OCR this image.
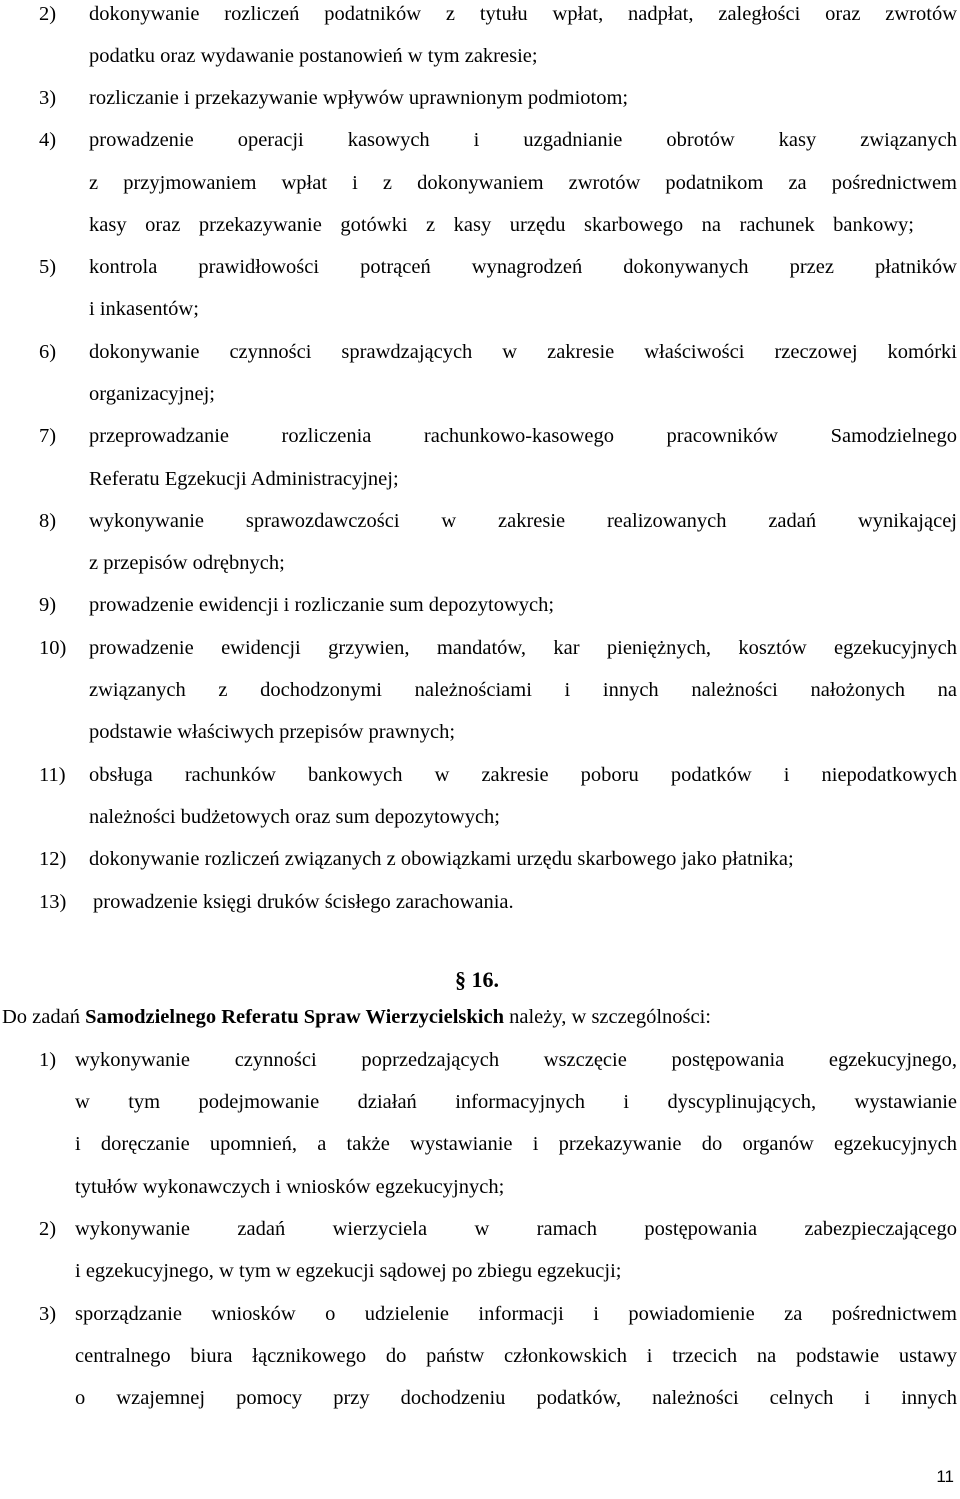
2) dokonywanie rozliczeń podatników z tytułu wpłat, nadpłat, zaległości oraz zwrotów
podatku oraz wydawanie postanowień w tym zakresie;
3) rozliczanie i przekazywanie wpływów uprawnionym podmiotom;
4) prowadzenie operacji kasowych i uzgadnianie obrotów kasy związanych
z przyjmowaniem wpłat i z dokonywaniem zwrotów podatnikom za pośrednictwem
kasy oraz przekazywanie gotówki z kasy urzędu skarbowego na rachunek bankowy;
5) kontrola prawidłowości potrąceń wynagrodzeń dokonywanych przez płatników
i inkasentów;
6) dokonywanie czynności sprawdzających w zakresie właściwości rzeczowej komórki
organizacyjnej;
7) przeprowadzanie rozliczenia rachunkowo-kasowego pracowników Samodzielnego
Referatu Egzekucji Administracyjnej;
8) wykonywanie sprawozdawczości w zakresie realizowanych zadań wynikającej
z przepisów odrębnych;
9) prowadzenie ewidencji i rozliczanie sum depozytowych;
10) prowadzenie ewidencji grzywien, mandatów, kar pieniężnych, kosztów egzekucyjnych
związanych z dochodzonymi należnościami i innych należności nałożonych na
podstawie właściwych przepisów prawnych;
11) obsługa rachunków bankowych w zakresie poboru podatków i niepodatkowych
należności budżetowych oraz sum depozytowych;
12) dokonywanie rozliczeń związanych z obowiązkami urzędu skarbowego jako płatnika;
13) prowadzenie księgi druków ścisłego zarachowania.
§ 16.
Do zadań Samodzielnego Referatu Spraw Wierzycielskich należy, w szczególności:
1) wykonywanie czynności poprzedzających wszczęcie postępowania egzekucyjnego,
w tym podejmowanie działań informacyjnych i dyscyplinujących, wystawianie
i doręczanie upomnień, a także wystawianie i przekazywanie do organów egzekucyjnych
tytułów wykonawczych i wniosków egzekucyjnych;
2) wykonywanie zadań wierzyciela w ramach postępowania zabezpieczającego
i egzekucyjnego, w tym w egzekucji sądowej po zbiegu egzekucji;
3) sporządzanie wniosków o udzielenie informacji i powiadomienie za pośrednictwem
centralnego biura łącznikowego do państw członkowskich i trzecich na podstawie ustawy
o wzajemnej pomocy przy dochodzeniu podatków, należności celnych i innych
11
